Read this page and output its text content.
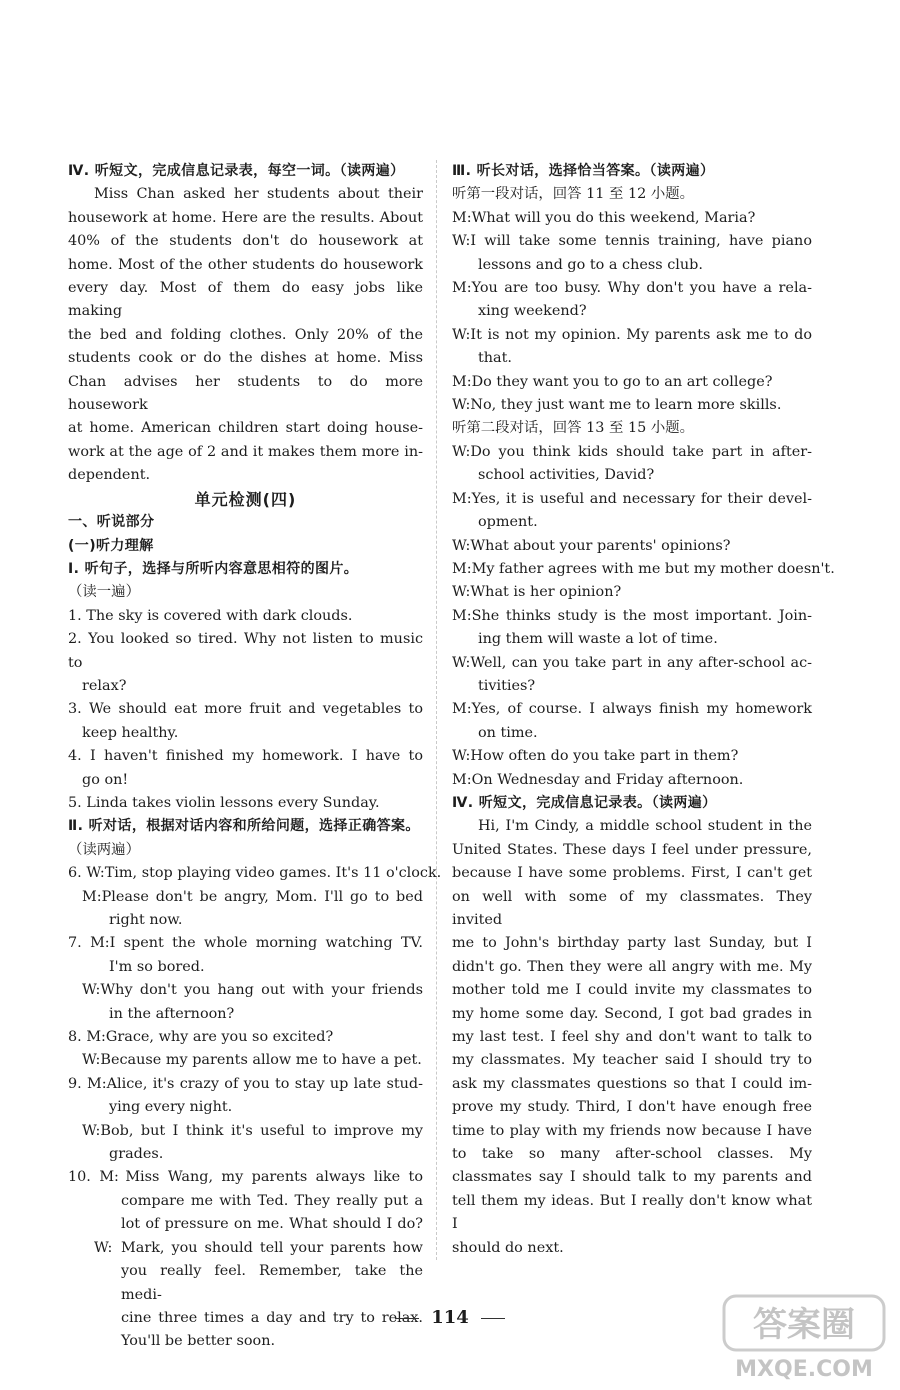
Ⅳ. 听短文，完成信息记录表，每空一词。（读两遍）
Miss Chan asked her students about their
housework at home. Here are the results. About
40% of the students don't do housework at
home. Most of the other students do housework
every day. Most of them do easy jobs like making
the bed and folding clothes. Only 20% of the
students cook or do the dishes at home. Miss
Chan advises her students to do more housework
at home. American children start doing house-
work at the age of 2 and it makes them more in-
dependent.
单元检测(四)
一、听说部分
(一)听力理解
Ⅰ. 听句子，选择与所听内容意思相符的图片。
（读一遍）
1. The sky is covered with dark clouds.
2. You looked so tired. Why not listen to music to
relax?
3. We should eat more fruit and vegetables to
keep healthy.
4. I haven't finished my homework. I have to
go on!
5. Linda takes violin lessons every Sunday.
Ⅱ. 听对话，根据对话内容和所给问题，选择正确答案。
（读两遍）
6. W:Tim, stop playing video games. It's 11 o'clock.
M:Please don't be angry, Mom. I'll go to bed
right now.
7. M:I spent the whole morning watching TV.
I'm so bored.
W:Why don't you hang out with your friends
in the afternoon?
8. M:Grace, why are you so excited?
W:Because my parents allow me to have a pet.
9. M:Alice, it's crazy of you to stay up late stud-
ying every night.
W:Bob, but I think it's useful to improve my
grades.
10. M: Miss Wang, my parents always like to
compare me with Ted. They really put a
lot of pressure on me. What should I do?
W: Mark, you should tell your parents how
you really feel. Remember, take the medi-
cine three times a day and try to relax.
You'll be better soon.
Ⅲ. 听长对话，选择恰当答案。（读两遍）
听第一段对话，回答 11 至 12 小题。
M:What will you do this weekend, Maria?
W:I will take some tennis training, have piano
lessons and go to a chess club.
M:You are too busy. Why don't you have a rela-
xing weekend?
W:It is not my opinion. My parents ask me to do
that.
M:Do they want you to go to an art college?
W:No, they just want me to learn more skills.
听第二段对话，回答 13 至 15 小题。
W:Do you think kids should take part in after-
school activities, David?
M:Yes, it is useful and necessary for their devel-
opment.
W:What about your parents' opinions?
M:My father agrees with me but my mother doesn't.
W:What is her opinion?
M:She thinks study is the most important. Join-
ing them will waste a lot of time.
W:Well, can you take part in any after-school ac-
tivities?
M:Yes, of course. I always finish my homework
on time.
W:How often do you take part in them?
M:On Wednesday and Friday afternoon.
Ⅳ. 听短文，完成信息记录表。（读两遍）
Hi, I'm Cindy, a middle school student in the
United States. These days I feel under pressure,
because I have some problems. First, I can't get
on well with some of my classmates. They invited
me to John's birthday party last Sunday, but I
didn't go. Then they were all angry with me. My
mother told me I could invite my classmates to
my home some day. Second, I got bad grades in
my last test. I feel shy and don't want to talk to
my classmates. My teacher said I should try to
ask my classmates questions so that I could im-
prove my study. Third, I don't have enough free
time to play with my friends now because I have
to take so many after-school classes. My
classmates say I should talk to my parents and
tell them my ideas. But I really don't know what I
should do next.
114	答案圈
MXQE.COM
